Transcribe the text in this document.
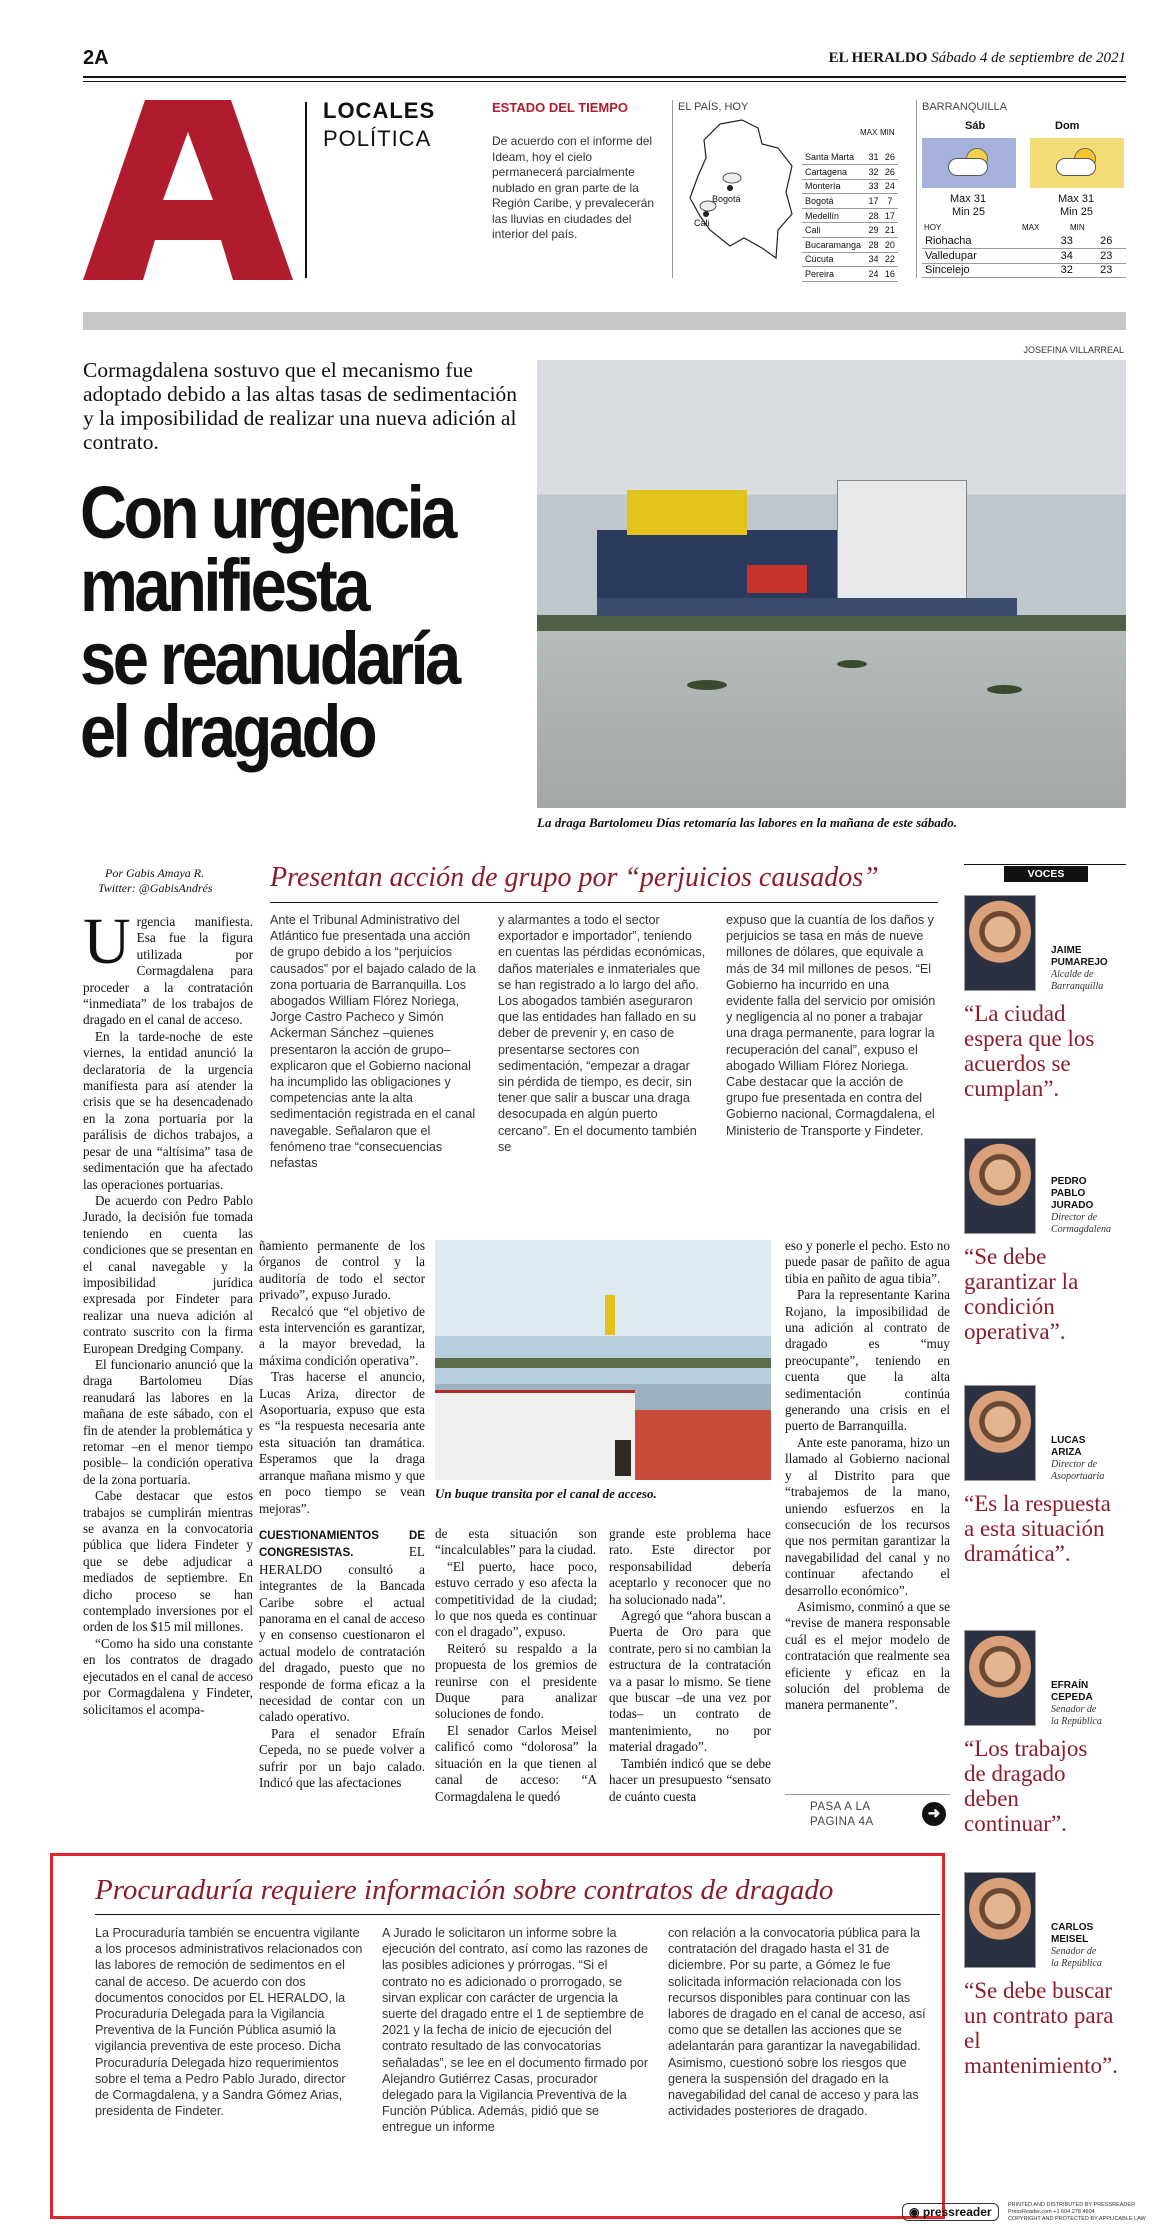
2A	EL HERALDO Sábado 4 de septiembre de 2021
LOCALES
POLÍTICA
ESTADO DEL TIEMPO
De acuerdo con el informe del Ideam, hoy el cielo permanecerá parcialmente nublado en gran parte de la Región Caribe, y prevalecerán las lluvias en ciudades del interior del país.
EL PAÍS, HOY
Bogotá
Cali
MAX MIN
Santa Marta	31	26
Cartagena	32	26
Montería	33	24
Bogotá	17	7
Medellín	28	17
Cali	29	21
Bucaramanga	28	20
Cúcuta	34	22
Pereira	24	16
BARRANQUILLA
Sáb	Dom
Max 31
Min 25
Max 31
Min 25
HOY	MAX	MIN
Riohacha	33	26
Valledupar	34	23
Sincelejo	32	23
JOSEFINA VILLARREAL
Cormagdalena sostuvo que el mecanismo fue adoptado debido a las altas tasas de sedimentación y la imposibilidad de realizar una nueva adición al contrato.
Con urgencia
manifiesta
se reanudaría
el dragado
La draga Bartolomeu Días retomaría las labores en la mañana de este sábado.
Por Gabis Amaya R.
Twitter: @GabisAndrés

Urgencia manifiesta. Esa fue la figura utilizada por Cormagdalena para proceder a la contratación “inmediata” de los trabajos de dragado en el canal de acceso.

En la tarde-noche de este viernes, la entidad anunció la declaratoria de la urgencia manifiesta para así atender la crisis que se ha desencadenado en la zona portuaria por la parálisis de dichos trabajos, a pesar de una “altísima” tasa de sedimentación que ha afectado las operaciones portuarias.

De acuerdo con Pedro Pablo Jurado, la decisión fue tomada teniendo en cuenta las condiciones que se presentan en el canal navegable y la imposibilidad jurídica expresada por Findeter para realizar una nueva adición al contrato suscrito con la firma European Dredging Company.

El funcionario anunció que la draga Bartolomeu Días reanudará las labores en la mañana de este sábado, con el fin de atender la problemática y retomar –en el menor tiempo posible– la condición operativa de la zona portuaria.

Cabe destacar que estos trabajos se cumplirán mientras se avanza en la convocatoria pública que lidera Findeter y que se debe adjudicar a mediados de septiembre. En dicho proceso se han contemplado inversiones por el orden de los $15 mil millones.

“Como ha sido una constante en los contratos de dragado ejecutados en el canal de acceso por Cormagdalena y Findeter, solicitamos el acompa-

Presentan acción de grupo por “perjuicios causados”
Ante el Tribunal Administrativo del Atlántico fue presentada una acción de grupo debido a los “perjuicios causados” por el bajado calado de la zona portuaria de Barranquilla. Los abogados William Flórez Noriega, Jorge Castro Pacheco y Simón Ackerman Sánchez –quienes presentaron la acción de grupo– explicaron que el Gobierno nacional ha incumplido las obligaciones y competencias ante la alta sedimentación registrada en el canal navegable. Señalaron que el fenómeno trae “consecuencias nefastas
y alarmantes a todo el sector exportador e importador”, teniendo en cuentas las pérdidas económicas, daños materiales e inmateriales que se han registrado a lo largo del año. Los abogados también aseguraron que las entidades han fallado en su deber de prevenir y, en caso de presentarse sectores con sedimentación, “empezar a dragar sin pérdida de tiempo, es decir, sin tener que salir a buscar una draga desocupada en algún puerto cercano”. En el documento también se
expuso que la cuantía de los daños y perjuicios se tasa en más de nueve millones de dólares, que equivale a más de 34 mil millones de pesos. “El Gobierno ha incurrido en una evidente falla del servicio por omisión y negligencia al no poner a trabajar una draga permanente, para lograr la recuperación del canal”, expuso el abogado William Flórez Noriega. Cabe destacar que la acción de grupo fue presentada en contra del Gobierno nacional, Cormagdalena, el Ministerio de Transporte y Findeter.

ñamiento permanente de los órganos de control y la auditoría de todo el sector privado”, expuso Jurado.

Recalcó que “el objetivo de esta intervención es garantizar, a la mayor brevedad, la máxima condición operativa”.

Tras hacerse el anuncio, Lucas Ariza, director de Asoportuaria, expuso que esta es “la respuesta necesaria ante esta situación tan dramática. Esperamos que la draga arranque mañana mismo y que en poco tiempo se vean mejoras”.

CUESTIONAMIENTOS DE CONGRESISTAS. EL HERALDO consultó a integrantes de la Bancada Caribe sobre el actual panorama en el canal de acceso y en consenso cuestionaron el actual modelo de contratación del dragado, puesto que no responde de forma eficaz a la necesidad de contar con un calado operativo.

Para el senador Efraín Cepeda, no se puede volver a sufrir por un bajo calado. Indicó que las afectaciones

Un buque transita por el canal de acceso.

de esta situación son “incalculables” para la ciudad.

“El puerto, hace poco, estuvo cerrado y eso afecta la competitividad de la ciudad; lo que nos queda es continuar con el dragado”, expuso.

Reiteró su respaldo a la propuesta de los gremios de reunirse con el presidente Duque para analizar soluciones de fondo.

El senador Carlos Meisel calificó como “dolorosa” la situación en la que tienen al canal de acceso: “A Cormagdalena le quedó

grande este problema hace rato. Este director por responsabilidad debería aceptarlo y reconocer que no ha solucionado nada”.

Agregó que “ahora buscan a Puerta de Oro para que contrate, pero si no cambian la estructura de la contratación va a pasar lo mismo. Se tiene que buscar –de una vez por todas– un contrato de mantenimiento, no por material dragado”.

También indicó que se debe hacer un presupuesto “sensato de cuánto cuesta

eso y ponerle el pecho. Esto no puede pasar de pañito de agua tibia en pañito de agua tibia”.

Para la representante Karina Rojano, la imposibilidad de una adición al contrato de dragado es “muy preocupante”, teniendo en cuenta que la alta sedimentación continúa generando una crisis en el puerto de Barranquilla.

Ante este panorama, hizo un llamado al Gobierno nacional y al Distrito para que “trabajemos de la mano, uniendo esfuerzos en la consecución de los recursos que nos permitan garantizar la navegabilidad del canal y no continuar afectando el desarrollo económico”.

Asimismo, conminó a que se “revise de manera responsable cuál es el mejor modelo de contratación que realmente sea eficiente y eficaz en la solución del problema de manera permanente”.

PASA A LA
PAGINA 4A	➜
Procuraduría requiere información sobre contratos de dragado
La Procuraduría también se encuentra vigilante a los procesos administrativos relacionados con las labores de remoción de sedimentos en el canal de acceso. De acuerdo con dos documentos conocidos por EL HERALDO, la Procuraduría Delegada para la Vigilancia Preventiva de la Función Pública asumió la vigilancia preventiva de este proceso. Dicha Procuraduría Delegada hizo requerimientos sobre el tema a Pedro Pablo Jurado, director de Cormagdalena, y a Sandra Gómez Arias, presidenta de Findeter.
A Jurado le solicitaron un informe sobre la ejecución del contrato, así como las razones de las posibles adiciones y prórrogas. “Si el contrato no es adicionado o prorrogado, se sirvan explicar con carácter de urgencia la suerte del dragado entre el 1 de septiembre de 2021 y la fecha de inicio de ejecución del contrato resultado de las convocatorias señaladas”, se lee en el documento firmado por Alejandro Gutiérrez Casas, procurador delegado para la Vigilancia Preventiva de la Función Pública. Además, pidió que se entregue un informe
con relación a la convocatoria pública para la contratación del dragado hasta el 31 de diciembre. Por su parte, a Gómez le fue solicitada información relacionada con los recursos disponibles para continuar con las labores de dragado en el canal de acceso, así como que se detallen las acciones que se adelantarán para garantizar la navegabilidad. Asimismo, cuestionó sobre los riesgos que genera la suspensión del dragado en la navegabilidad del canal de acceso y para las actividades posteriores de dragado.
VOCES
JAIME
PUMAREJO
Alcalde de
Barranquilla
“La ciudad espera que los acuerdos se cumplan”.
PEDRO
PABLO
JURADO
Director de
Cormagdalena
“Se debe garantizar la condición operativa”.
LUCAS
ARIZA
Director de
Asoportuaria
“Es la respuesta a esta situación dramática”.
EFRAÍN
CEPEDA
Senador de
la República
“Los trabajos de dragado deben continuar”.
CARLOS
MEISEL
Senador de
la República
“Se debe buscar un contrato para el mantenimiento”.
◉ pressreader	PRINTED AND DISTRIBUTED BY PRESSREADER
PressReader.com +1 604 278 4604
COPYRIGHT AND PROTECTED BY APPLICABLE LAW
